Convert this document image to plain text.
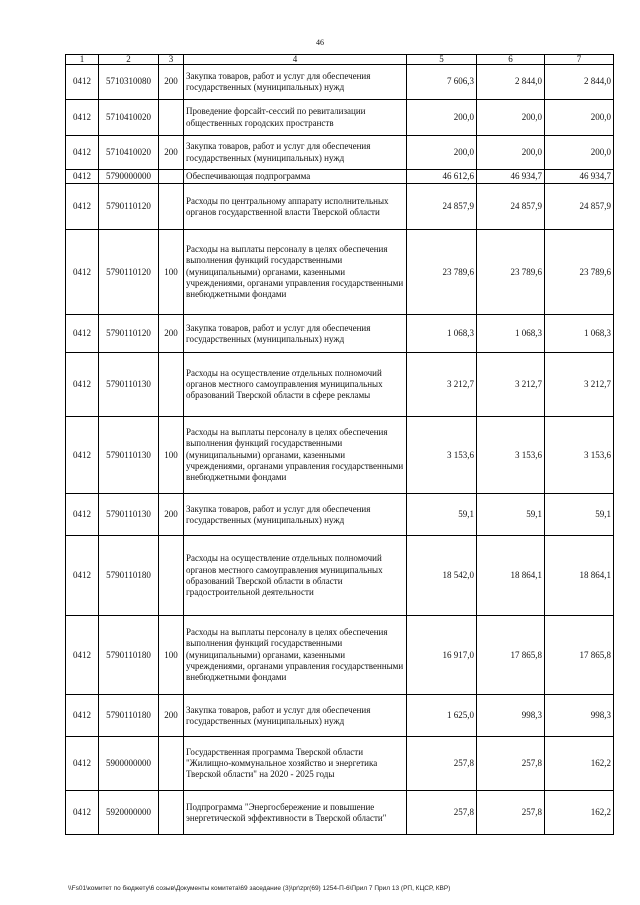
46
1	2	3	4	5	6	7
0412	5710310080	200	Закупка товаров, работ и услуг для обеспечения государственных (муниципальных) нужд	7 606,3	2 844,0	2 844,0
0412	5710410020		Проведение форсайт-сессий по ревитализации общественных городских пространств	200,0	200,0	200,0
0412	5710410020	200	Закупка товаров, работ и услуг для обеспечения государственных (муниципальных) нужд	200,0	200,0	200,0
0412	5790000000		Обеспечивающая подпрограмма	46 612,6	46 934,7	46 934,7
0412	5790110120		Расходы по центральному аппарату исполнительных органов государственной власти Тверской области	24 857,9	24 857,9	24 857,9
0412	5790110120	100	Расходы на выплаты персоналу в целях обеспечения выполнения функций государственными (муниципальными) органами, казенными учреждениями, органами управления государственными внебюджетными фондами	23 789,6	23 789,6	23 789,6
0412	5790110120	200	Закупка товаров, работ и услуг для обеспечения государственных (муниципальных) нужд	1 068,3	1 068,3	1 068,3
0412	5790110130		Расходы на осуществление отдельных полномочий органов местного самоуправления муниципальных образований Тверской области в сфере рекламы	3 212,7	3 212,7	3 212,7
0412	5790110130	100	Расходы на выплаты персоналу в целях обеспечения выполнения функций государственными (муниципальными) органами, казенными учреждениями, органами управления государственными внебюджетными фондами	3 153,6	3 153,6	3 153,6
0412	5790110130	200	Закупка товаров, работ и услуг для обеспечения государственных (муниципальных) нужд	59,1	59,1	59,1
0412	5790110180		Расходы на осуществление отдельных полномочий органов местного самоуправления муниципальных образований Тверской области в области градостроительной деятельности	18 542,0	18 864,1	18 864,1
0412	5790110180	100	Расходы на выплаты персоналу в целях обеспечения выполнения функций государственными (муниципальными) органами, казенными учреждениями, органами управления государственными внебюджетными фондами	16 917,0	17 865,8	17 865,8
0412	5790110180	200	Закупка товаров, работ и услуг для обеспечения государственных (муниципальных) нужд	1 625,0	998,3	998,3
0412	5900000000		Государственная программа Тверской области "Жилищно-коммунальное хозяйство и энергетика Тверской области" на 2020 - 2025 годы	257,8	257,8	162,2
0412	5920000000		Подпрограмма "Энергосбережение и повышение энергетической эффективности в Тверской области"	257,8	257,8	162,2
\\Fs01\комитет по бюджету\6 созыв\Документы комитета\69 заседание (3)\pr\zpr(69) 1254-П-6\Прил 7 Прил 13 (РП, КЦСР, КВР)
